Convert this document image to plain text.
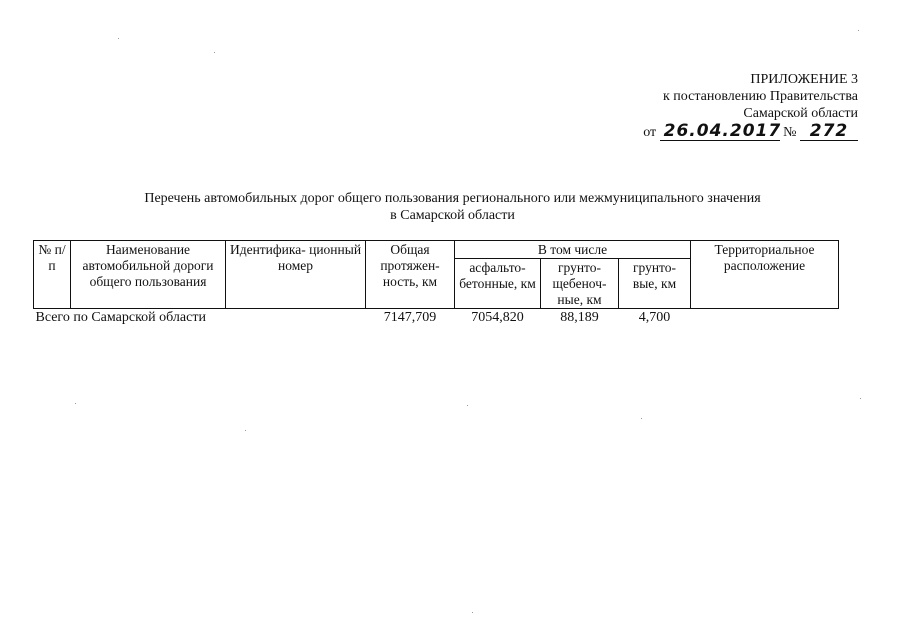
ПРИЛОЖЕНИЕ 3
к постановлению Правительства
Самарской области
от 26.04.2017 № 272
Перечень автомобильных дорог общего пользования регионального или межмуниципального значения
в Самарской области
№ п/п	Наименование автомобильной дороги общего пользования	Идентифика- ционный номер	Общая протяжен- ность, км	В том числе			Территориальное расположение
				асфальто- бетонные, км	грунто- щебеноч- ные, км	грунто- вые, км	
Всего по Самарской области			7147,709	7054,820	88,189	4,700	
